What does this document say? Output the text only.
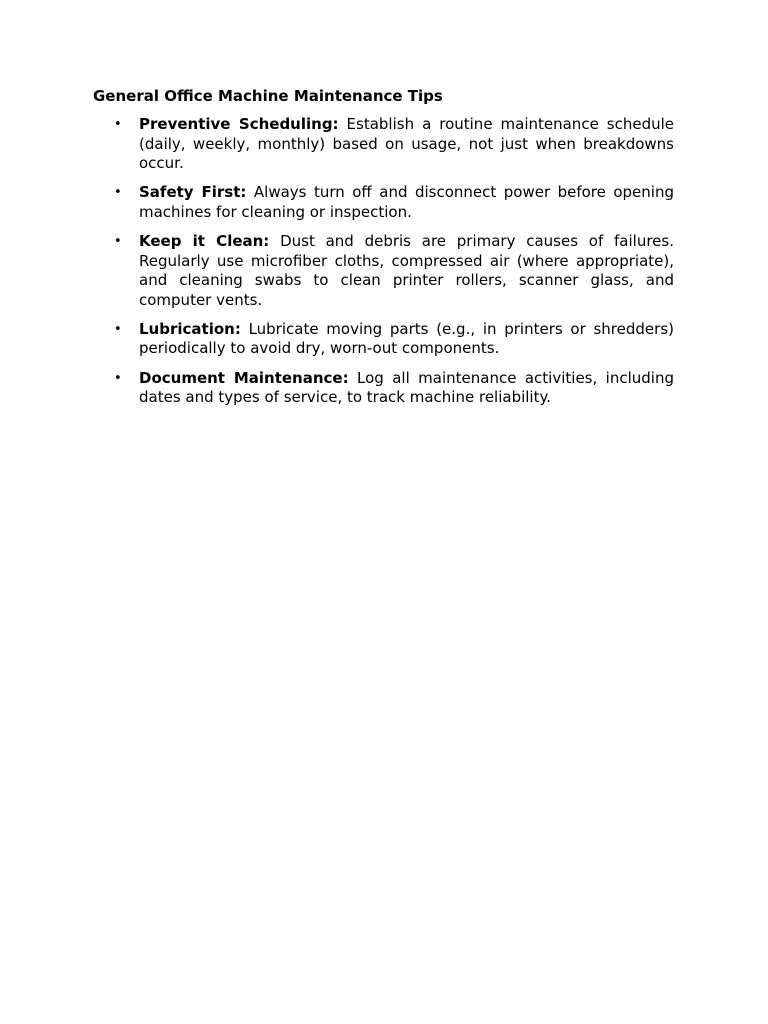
General Office Machine Maintenance Tips
• Preventive Scheduling: Establish a routine maintenance schedule (daily, weekly, monthly) based on usage, not just when breakdowns occur.
• Safety First: Always turn off and disconnect power before opening machines for cleaning or inspection.
• Keep it Clean: Dust and debris are primary causes of failures. Regularly use microfiber cloths, compressed air (where appropriate), and cleaning swabs to clean printer rollers, scanner glass, and computer vents.
• Lubrication: Lubricate moving parts (e.g., in printers or shredders) periodically to avoid dry, worn-out components.
• Document Maintenance: Log all maintenance activities, including dates and types of service, to track machine reliability.
